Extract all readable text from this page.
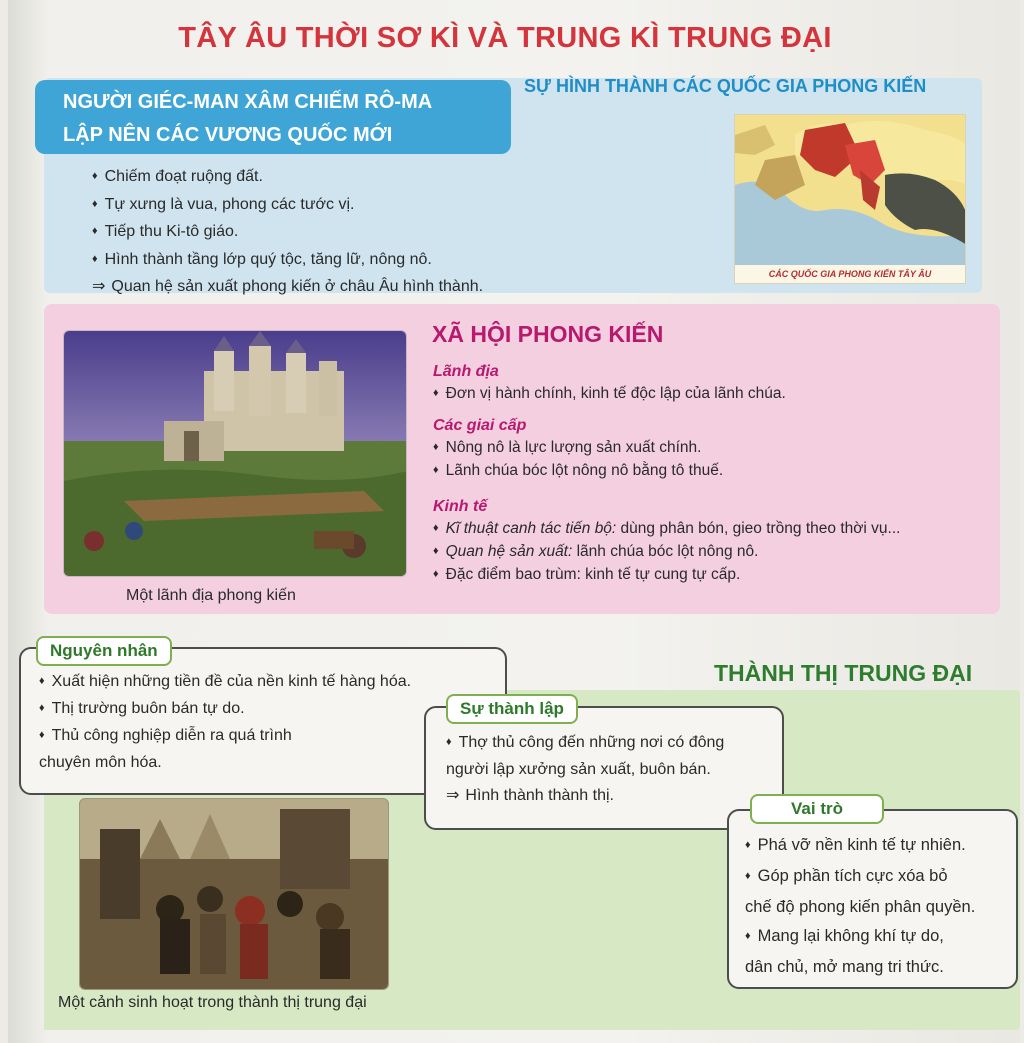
TÂY ÂU THỜI SƠ KÌ VÀ TRUNG KÌ TRUNG ĐẠI
NGƯỜI GIÉC-MAN XÂM CHIẾM RÔ-MA
LẬP NÊN CÁC VƯƠNG QUỐC MỚI
SỰ HÌNH THÀNH CÁC QUỐC GIA PHONG KIẾN
♦ Chiếm đoạt ruộng đất.
♦ Tự xưng là vua, phong các tước vị.
♦ Tiếp thu Ki-tô giáo.
♦ Hình thành tầng lớp quý tộc, tăng lữ, nông nô.
⇒ Quan hệ sản xuất phong kiến ở châu Âu hình thành.
CÁC QUỐC GIA PHONG KIẾN TÂY ÂU
Một lãnh địa phong kiến
XÃ HỘI PHONG KIẾN
Lãnh địa
♦ Đơn vị hành chính, kinh tế độc lập của lãnh chúa.
Các giai cấp
♦ Nông nô là lực lượng sản xuất chính.
♦ Lãnh chúa bóc lột nông nô bằng tô thuế.
Kinh tế
♦ Kĩ thuật canh tác tiến bộ: dùng phân bón, gieo trồng theo thời vụ...
♦ Quan hệ sản xuất: lãnh chúa bóc lột nông nô.
♦ Đặc điểm bao trùm: kinh tế tự cung tự cấp.
THÀNH THỊ TRUNG ĐẠI
♦ Xuất hiện những tiền đề của nền kinh tế hàng hóa.
♦ Thị trường buôn bán tự do.
♦ Thủ công nghiệp diễn ra quá trình
chuyên môn hóa.
Nguyên nhân
Một cảnh sinh hoạt trong thành thị trung đại
♦ Thợ thủ công đến những nơi có đông
người lập xưởng sản xuất, buôn bán.
⇒ Hình thành thành thị.
Sự thành lập
♦ Phá vỡ nền kinh tế tự nhiên.
♦ Góp phần tích cực xóa bỏ
chế độ phong kiến phân quyền.
♦ Mang lại không khí tự do,
dân chủ, mở mang tri thức.
Vai trò
